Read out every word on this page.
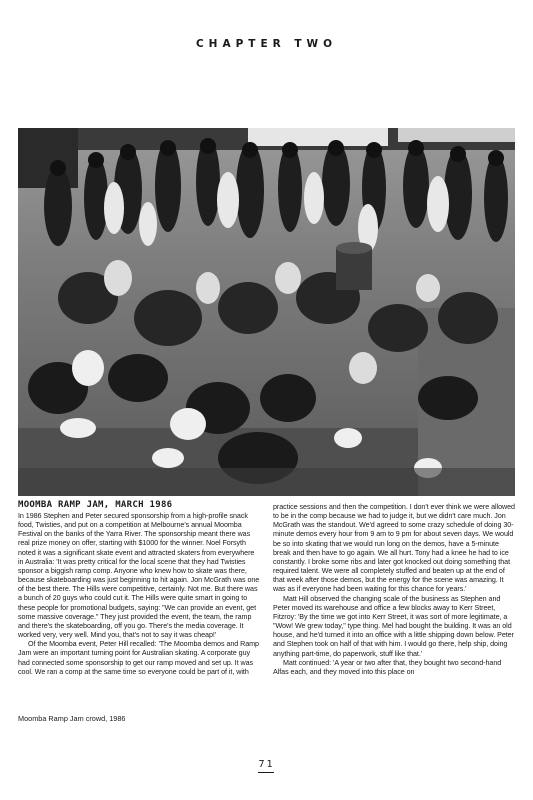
CHAPTER TWO
MOOMBA RAMP JAM, MARCH 1986

In 1986 Stephen and Peter secured sponsorship from a high-profile snack food, Twisties, and put on a competition at Melbourne's annual Moomba Festival on the banks of the Yarra River. The sponsorship meant there was real prize money on offer, starting with $1000 for the winner. Noel Forsyth noted it was a significant skate event and attracted skaters from everywhere in Australia: 'It was pretty critical for the local scene that they had Twisties sponsor a biggish ramp comp. Anyone who knew how to skate was there, because skateboarding was just beginning to hit again. Jon McGrath was one of the best there. The Hills were competitive, certainly. Not me. But there was a bunch of 20 guys who could cut it. The Hills were quite smart in going to these people for promotional budgets, saying: "We can provide an event, get some massive coverage." They just provided the event, the team, the ramp and there's the skateboarding, off you go. There's the media coverage. It worked very, very well. Mind you, that's not to say it was cheap!'

Of the Moomba event, Peter Hill recalled: 'The Moomba demos and Ramp Jam were an important turning point for Australian skating. A corporate guy had connected some sponsorship to get our ramp moved and set up. It was cool. We ran a comp at the same time so everyone could be part of it, with

practice sessions and then the competition. I don't ever think we were allowed to be in the comp because we had to judge it, but we didn't care much. Jon McGrath was the standout. We'd agreed to some crazy schedule of doing 30-minute demos every hour from 9 am to 9 pm for about seven days. We would be so into skating that we would run long on the demos, have a 5-minute break and then have to go again. We all hurt. Tony had a knee he had to ice constantly. I broke some ribs and later got knocked out doing something that required talent. We were all completely stuffed and beaten up at the end of that week after those demos, but the energy for the scene was amazing. It was as if everyone had been waiting for this chance for years.'

Matt Hill observed the changing scale of the business as Stephen and Peter moved its warehouse and office a few blocks away to Kerr Street, Fitzroy: 'By the time we got into Kerr Street, it was sort of more legitimate, a "Wow! We grew today," type thing. Mel had bought the building. It was an old house, and he'd turned it into an office with a little shipping down below. Peter and Stephen took on half of that with him. I would go there, help ship, doing anything part-time, do paperwork, stuff like that.'

Matt continued: 'A year or two after that, they bought two second-hand Alfas each, and they moved into this place on

Moomba Ramp Jam crowd, 1986
71
